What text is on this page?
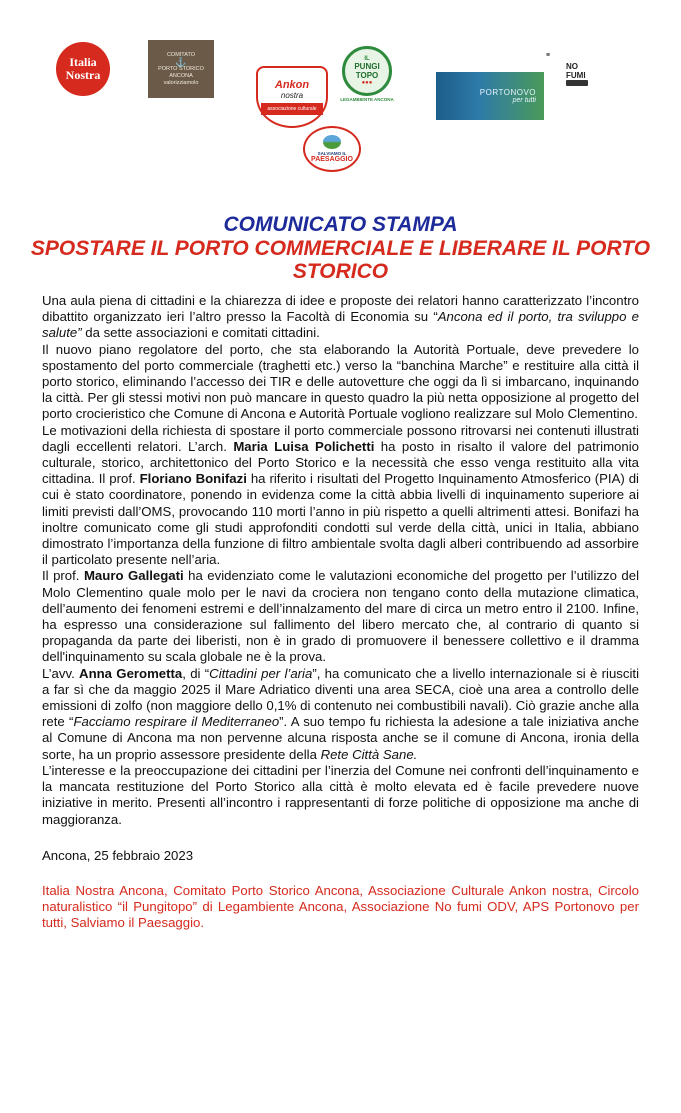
Italia
Nostra
COMITATO
⚓
PORTO STORICO
ANCONA
valorizziamolo	Ankon
nostra
associazione culturale
IL
PUNGI
TOPO
●●●
LEGAMBIENTE ANCONA
PORTONOVO
per tutti
≋
NO
FUMI
SALVIAMO IL
PAESAGGIO
COMUNICATO STAMPA
SPOSTARE IL PORTO COMMERCIALE E LIBERARE IL PORTO STORICO

Una aula piena di cittadini e la chiarezza di idee e proposte dei relatori hanno caratterizzato l’incontro dibattito organizzato ieri l’altro presso la Facoltà di Economia su “Ancona ed il porto, tra sviluppo e salute” da sette associazioni e comitati cittadini.

Il nuovo piano regolatore del porto, che sta elaborando la Autorità Portuale, deve prevedere lo spostamento del porto commerciale (traghetti etc.) verso la “banchina Marche” e restituire alla città il porto storico, eliminando l’accesso dei TIR e delle autovetture che oggi da lì si imbarcano, inquinando la città. Per gli stessi motivi non può mancare in questo quadro la più netta opposizione al progetto del porto crocieristico che Comune di Ancona e Autorità Portuale vogliono realizzare sul Molo Clementino.

Le motivazioni della richiesta di spostare il porto commerciale possono ritrovarsi nei contenuti illustrati dagli eccellenti relatori. L’arch. Maria Luisa Polichetti ha posto in risalto il valore del patrimonio culturale, storico, architettonico del Porto Storico e la necessità che esso venga restituito alla vita cittadina. Il prof. Floriano Bonifazi ha riferito i risultati del Progetto Inquinamento Atmosferico (PIA) di cui è stato coordinatore, ponendo in evidenza come la città abbia livelli di inquinamento superiore ai limiti previsti dall’OMS, provocando 110 morti l’anno in più rispetto a quelli altrimenti attesi. Bonifazi ha inoltre comunicato come gli studi approfonditi condotti sul verde della città, unici in Italia, abbiano dimostrato l’importanza della funzione di filtro ambientale svolta dagli alberi contribuendo ad assorbire il particolato presente nell’aria.

Il prof. Mauro Gallegati ha evidenziato come le valutazioni economiche del progetto per l’utilizzo del Molo Clementino quale molo per le navi da crociera non tengano conto della mutazione climatica, dell’aumento dei fenomeni estremi e dell’innalzamento del mare di circa un metro entro il 2100. Infine, ha espresso una considerazione sul fallimento del libero mercato che, al contrario di quanto si propaganda da parte dei liberisti, non è in grado di promuovere il benessere collettivo e il dramma dell'inquinamento su scala globale ne è la prova.

L’avv. Anna Gerometta, di “Cittadini per l’aria”, ha comunicato che a livello internazionale si è riusciti a far sì che da maggio 2025 il Mare Adriatico diventi una area SECA, cioè una area a controllo delle emissioni di zolfo (non maggiore dello 0,1% di contenuto nei combustibili navali). Ciò grazie anche alla rete “Facciamo respirare il Mediterraneo”. A suo tempo fu richiesta la adesione a tale iniziativa anche al Comune di Ancona ma non pervenne alcuna risposta anche se il comune di Ancona, ironia della sorte, ha un proprio assessore presidente della Rete Città Sane.

L’interesse e la preoccupazione dei cittadini per l’inerzia del Comune nei confronti dell’inquinamento e la mancata restituzione del Porto Storico alla città è molto elevata ed è facile prevedere nuove iniziative in merito. Presenti all’incontro i rappresentanti di forze politiche di opposizione ma anche di maggioranza.

Ancona, 25 febbraio 2023
Italia Nostra Ancona, Comitato Porto Storico Ancona, Associazione Culturale Ankon nostra, Circolo naturalistico “il Pungitopo” di Legambiente Ancona, Associazione No fumi ODV, APS Portonovo per tutti, Salviamo il Paesaggio.
